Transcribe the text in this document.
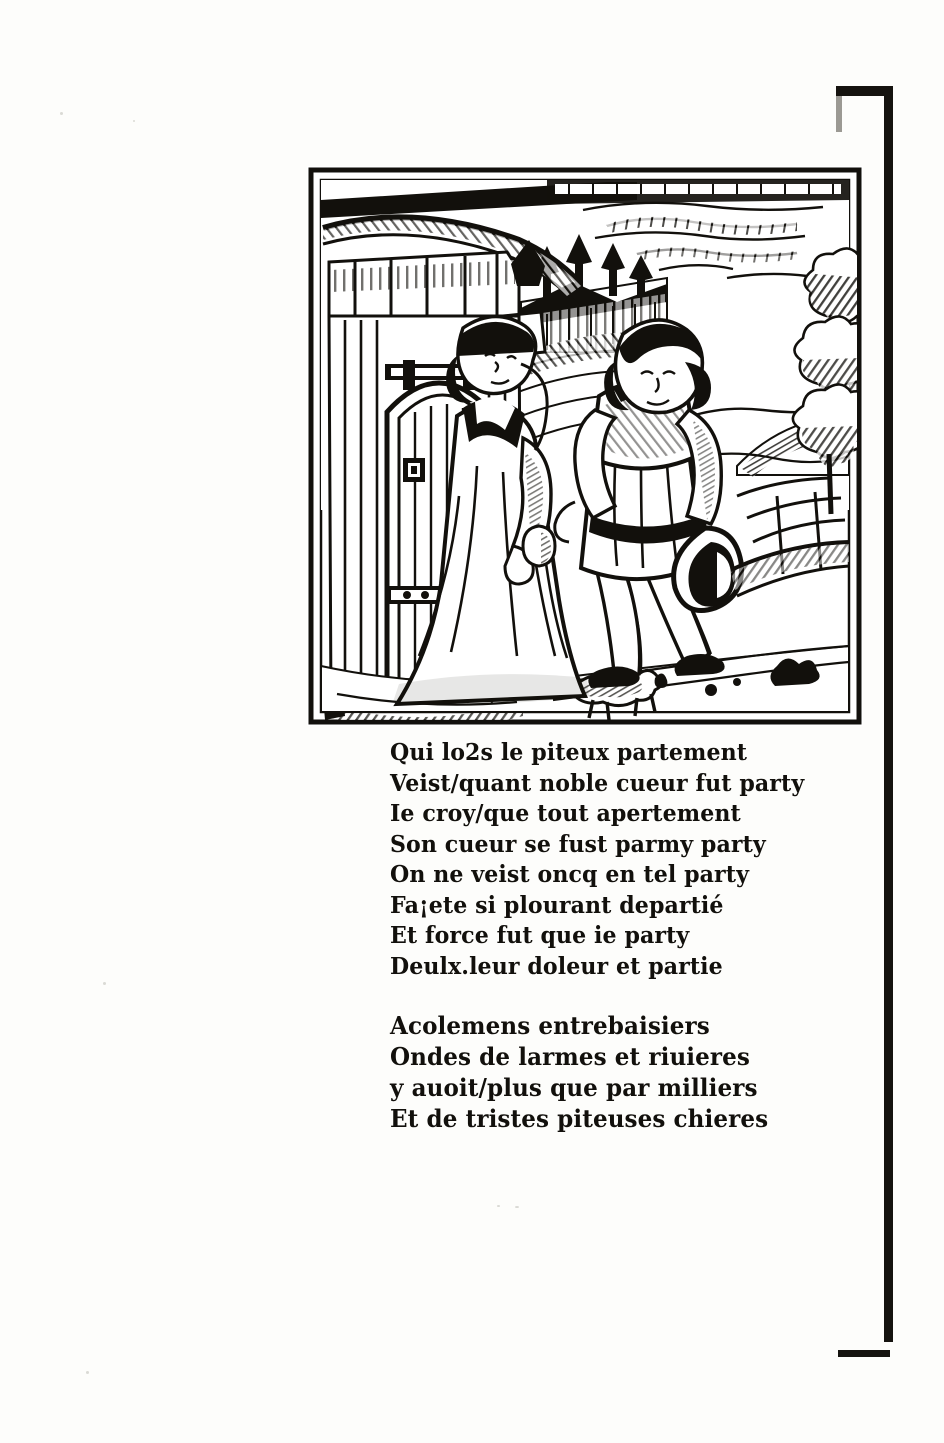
Qui lo2s le piteux partement
Veist/quant noble cueur fut party
Ie croy/que tout apertement
Son cueur se fust parmy party
On ne veist oncq en tel party
Fa¡ete si plourant departié
Et force fut que ie party
Deulx.leur doleur et partie
Acolemens entrebaisiers
Ondes de larmes et riuieres
y auoit/plus que par milliers
Et de tristes piteuses chieres
